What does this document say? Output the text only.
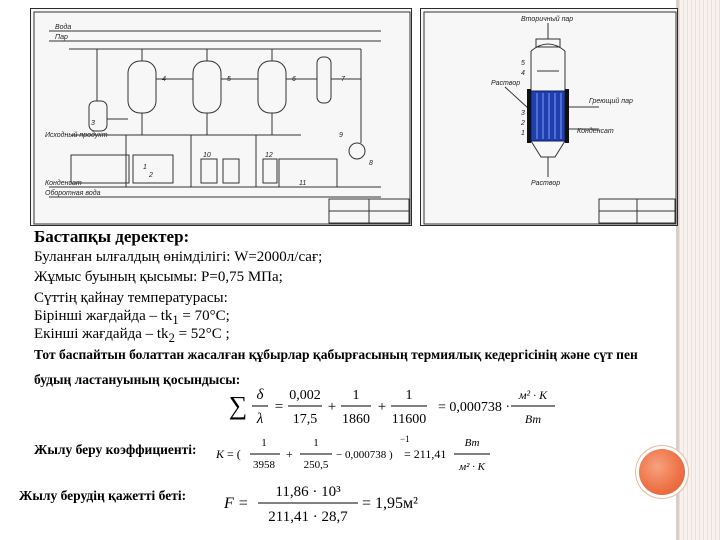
Вода
Пар
Исходный продукт
Конденсат
Оборотная вода
3
1
2
4	5	6	7
8
9
10
11
12
Вторичный пар
Раствор
Греющий пар
Конденсат
Раствор
1
2
3
4
5
Бастапқы деректер:
Буланған ылғалдың өнімділігі: W=2000л/сағ;
Жұмыс буының қысымы: Р=0,75 МПа;
Сүттің қайнау температурасы:
Бірінші жағдайда – $tk_1 = 70^\circ С$;
Екінші жағдайда – $tk_2 = 52^\circ С$ ;
Тот баспайтын болаттан жасалған құбырлар қабырғасының термиялық кедергісінің және сүт пен
будың ластануының қосындысы:
Жылу беру коэффициенті:
Жылу берудің қажетті беті:
∑ δ
λ
=
0,002
17,5
+
1
1860
+
1
11600
= 0,000738 ·
м² · К
Вт
К = (
1
3958
+
1
250,5
− 0,000738 )
−1
= 211,41
Вт
м² · К
F =
11,86 · 10³
211,41 · 28,7
= 1,95м²
